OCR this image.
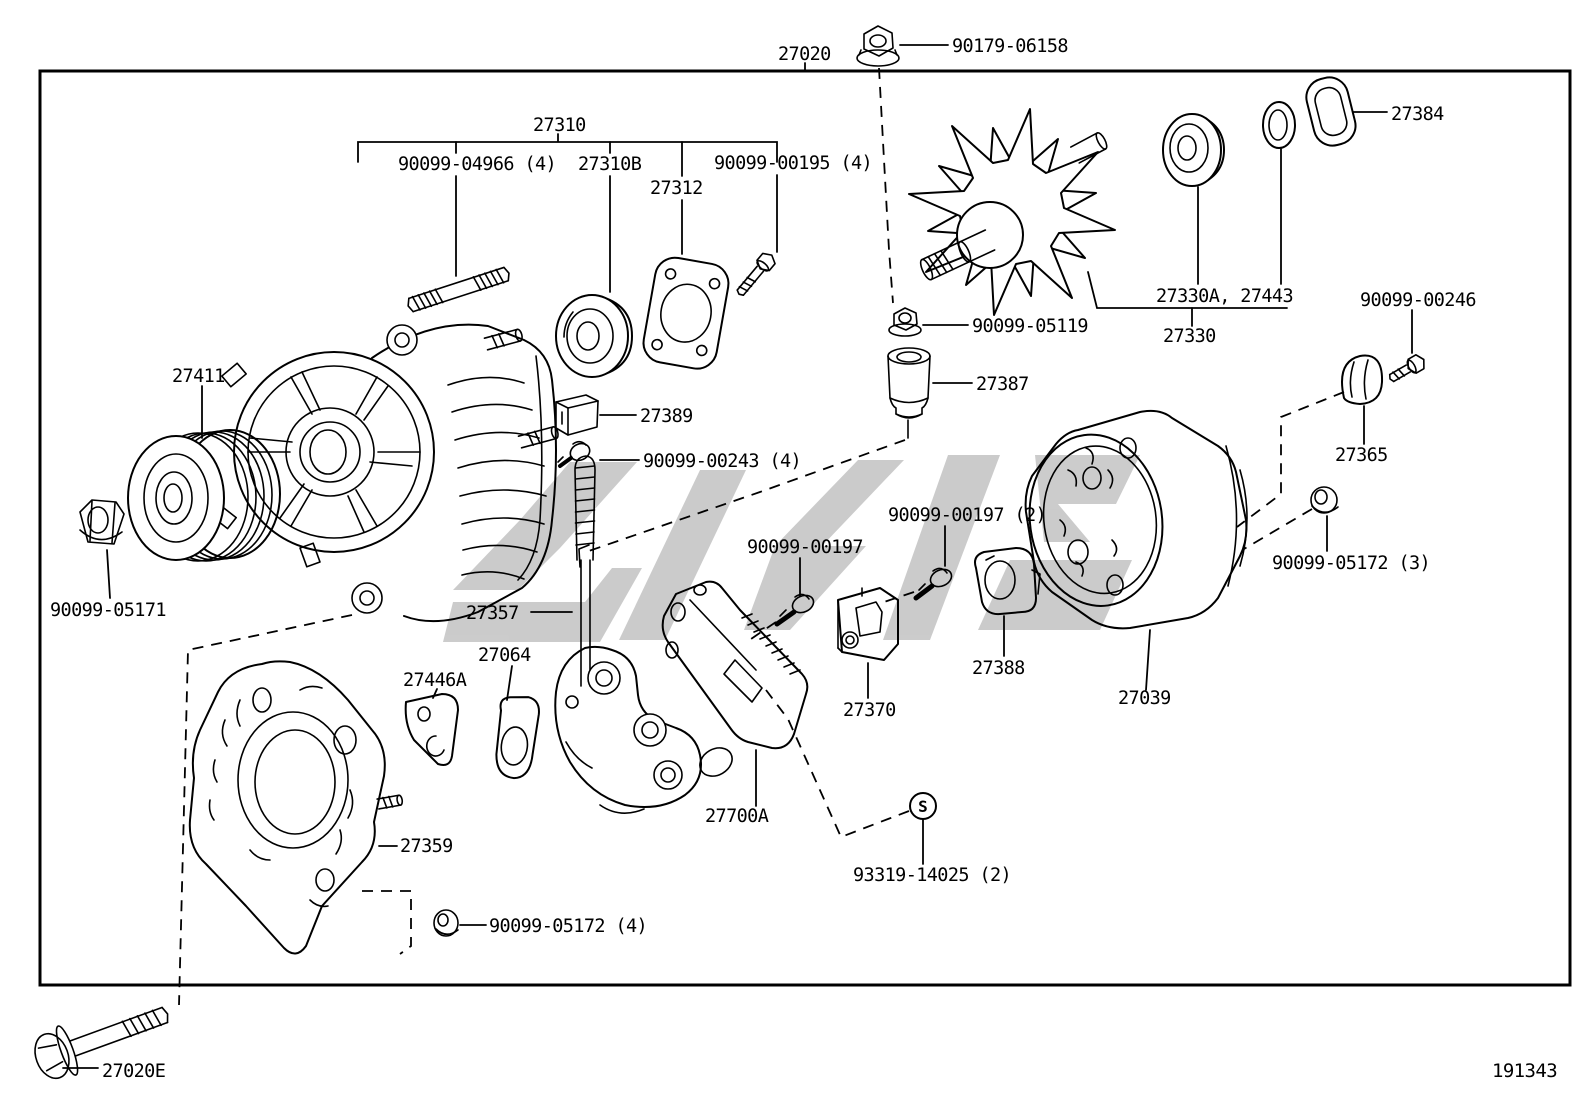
27020	90179-06158
27310
90099-04966 (4) 27310B
27312
90099-00195 (4)
27411
90099-05171
27330
27330A, 27443
27384
90099-00246
90099-05119
27387
27389
90099-00243 (4)	27365
90099-05172 (3)
27039
90099-00197
90099-00197 (2)
27357
27700A
27370
27388
27064
27446A
27359
90099-05172 (4)
S
93319-14025 (2)
27020E	191343
